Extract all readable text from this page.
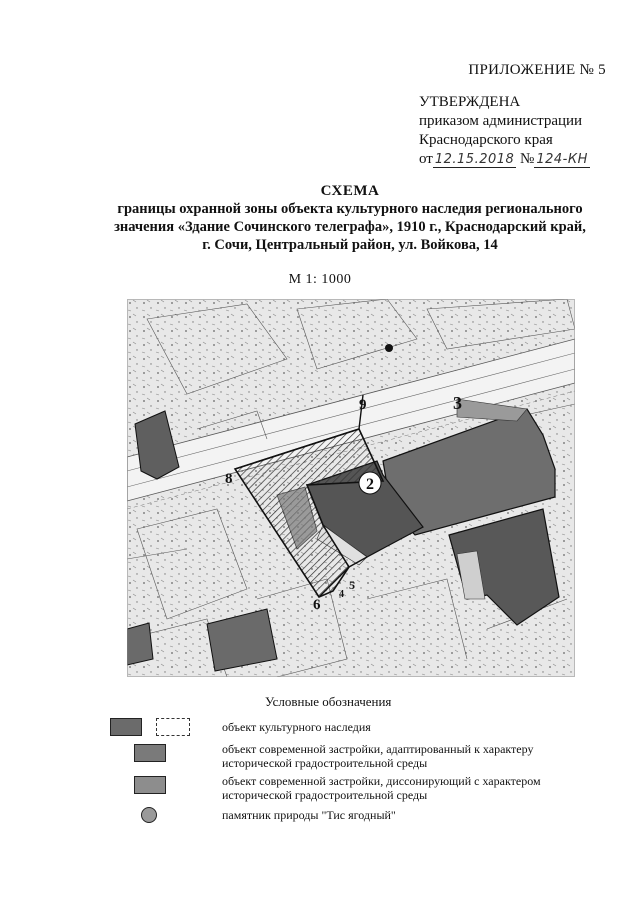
ПРИЛОЖЕНИЕ № 5
УТВЕРЖДЕНА
приказом администрации
Краснодарского края
от 12.15.2018 № 124-КН
СХЕМА
границы охранной зоны объекта культурного наследия регионального
значения «Здание Сочинского телеграфа», 1910 г., Краснодарский край,
г. Сочи, Центральный район, ул. Войкова, 14
М 1: 1000
8
9
6
3
5
4
2
Условные обозначения
объект культурного наследия
объект современной застройки, адаптированный к характеру
исторической градостроительной среды
объект современной застройки, диссонирующий с характером
исторической градостроительной среды
памятник природы "Тис ягодный"
